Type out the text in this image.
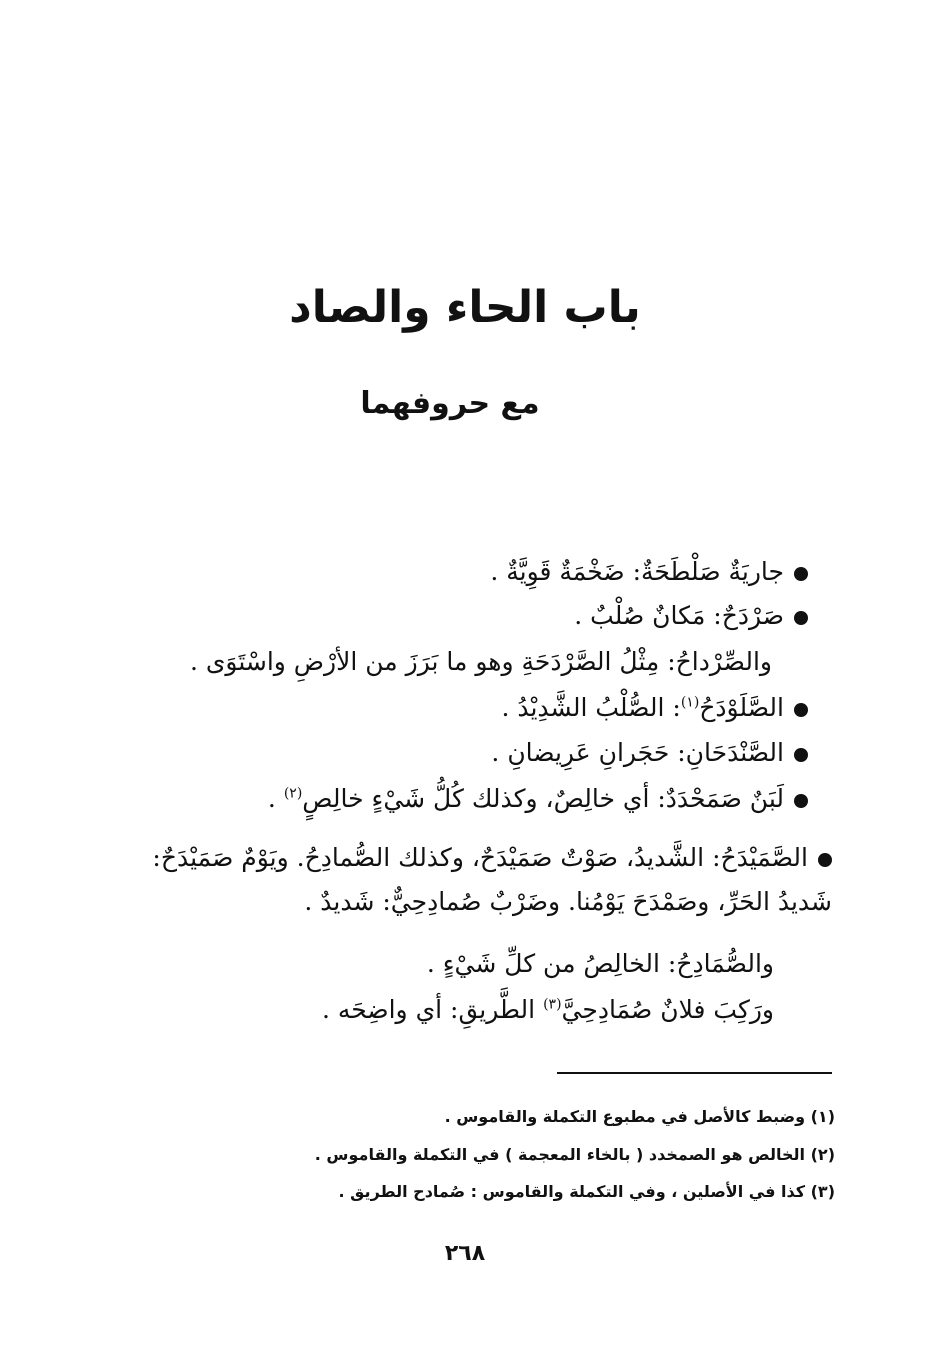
باب الحاء والصاد
مع حروفهما
جاريَةٌ صَلْطَحَةٌ: ضَخْمَةٌ قَوِيَّةٌ .
صَرْدَحٌ: مَكانٌ صُلْبٌ .
والصِّرْداحُ: مِثْلُ الصَّرْدَحَةِ وهو ما بَرَزَ من الأرْضِ واسْتَوَى .
الصَّلَوْدَحُ$^{(١)}$: الصُّلْبُ الشَّدِيْدُ .
الصَّنْدَحَانِ: حَجَرانِ عَرِيضانِ .
لَبَنٌ صَمَحْدَدٌ: أي خالِصٌ، وكذلك كُلُّ شَيْءٍ خالِصٍ$^{(٢)}$ .
الصَّمَيْدَحُ: الشَّديدُ، صَوْتٌ صَمَيْدَحٌ، وكذلك الصُّمادِحُ. ويَوْمٌ صَمَيْدَحٌ:
شَديدُ الحَرِّ، وصَمْدَحَ يَوْمُنا. وضَرْبٌ صُمادِحِيٌّ: شَديدٌ .
والصُّمَادِحُ: الخالِصُ من كلِّ شَيْءٍ .
ورَكِبَ فلانٌ صُمَادِحِيَّ$^{(٣)}$ الطَّريقِ: أي واضِحَه .
(١) وضبط كالأصل في مطبوع التكملة والقاموس .
(٢) الخالص هو الصمخدد ( بالخاء المعجمة ) في التكملة والقاموس .
(٣) كذا في الأصلين ، وفي التكملة والقاموس : صُمادح الطريق .
٢٦٨
